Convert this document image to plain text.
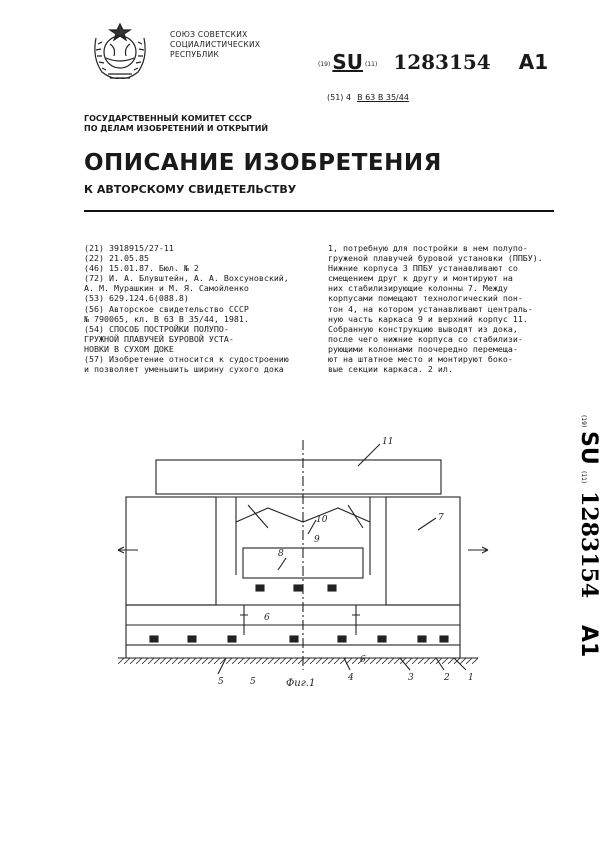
СОЮЗ СОВЕТСКИХ
СОЦИАЛИСТИЧЕСКИХ
РЕСПУБЛИК
(19) SU (11) 1283154 A1
(51) 4 В 63 В 35/44
ГОСУДАРСТВЕННЫЙ КОМИТЕТ СССР
ПО ДЕЛАМ ИЗОБРЕТЕНИЙ И ОТКРЫТИЙ
ОПИСАНИЕ ИЗОБРЕТЕНИЯ
К АВТОРСКОМУ СВИДЕТЕЛЬСТВУ
(21) 3918915/27-11
(22) 21.05.85
(46) 15.01.87. Бюл. № 2
(72) И. А. Блувштейн, А. А. Вохсуновский,
А. М. Мурашкин и М. Я. Самойленко
(53) 629.124.6(088.8)
(56) Авторское свидетельство СССР
№ 790065, кл. В 63 В 35/44, 1981.
(54) СПОСОБ ПОСТРОЙКИ ПОЛУПО-
ГРУЖНОЙ ПЛАВУЧЕЙ БУРОВОЙ УСТА-
НОВКИ В СУХОМ ДОКЕ
(57) Изобретение относится к судостроению
и позволяет уменьшить ширину сухого дока
1, потребную для постройки в нем полупо-
груженой плавучей буровой установки (ППБУ).
Нижние корпуса 3 ППБУ устанавливают со
смещением друг к другу и монтируют на
них стабилизирующие колонны 7. Между
корпусами помещают технологический пон-
тон 4, на котором устанавливают централь-
ную часть каркаса 9 и верхний корпус 11.
Собранную конструкцию выводят из дока,
после чего нижние корпуса со стабилизи-
рующими колоннами поочередно перемеща-
ют на штатное место и монтируют боко-
вые секции каркаса. 2 ил.
(19)
SU
(11)
1283154
A1
11
7
10
9
8
6
5	4	3	2 1
5
6
Фиг.1
